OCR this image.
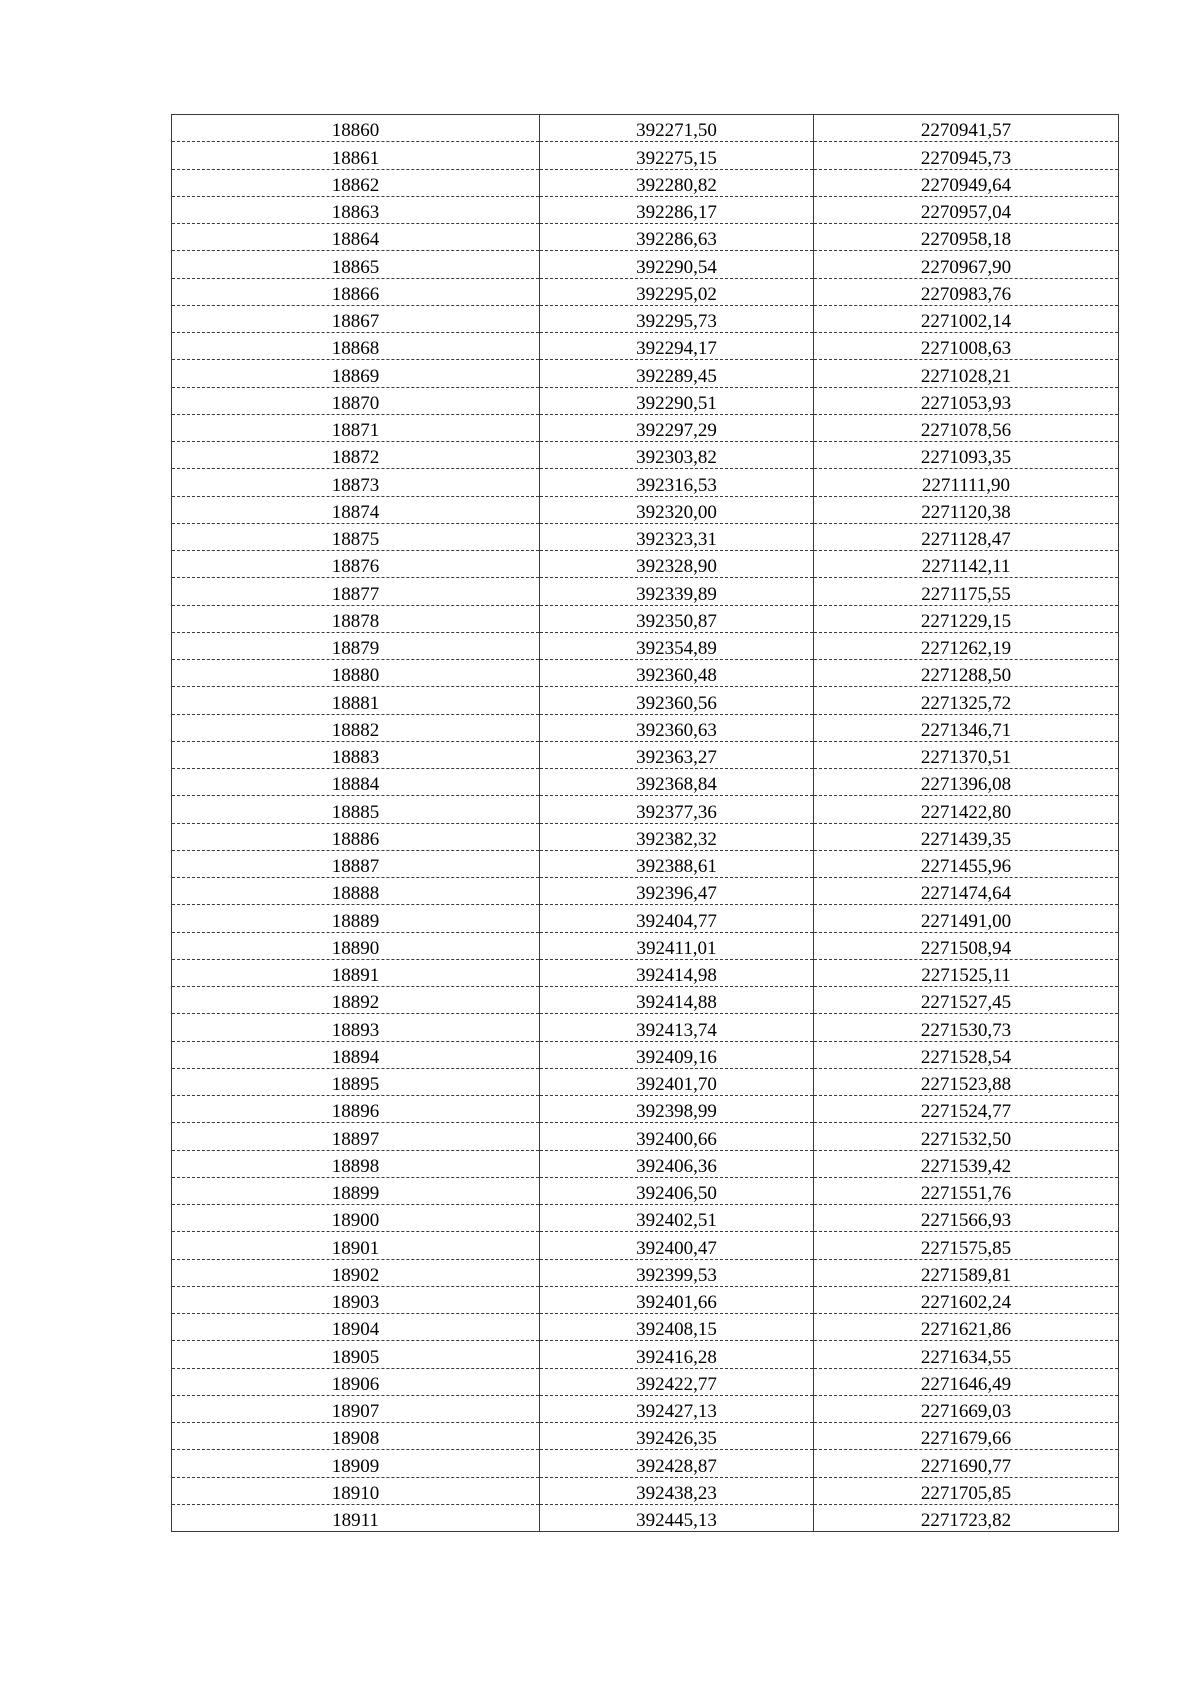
18860	392271,50	2270941,57
18861	392275,15	2270945,73
18862	392280,82	2270949,64
18863	392286,17	2270957,04
18864	392286,63	2270958,18
18865	392290,54	2270967,90
18866	392295,02	2270983,76
18867	392295,73	2271002,14
18868	392294,17	2271008,63
18869	392289,45	2271028,21
18870	392290,51	2271053,93
18871	392297,29	2271078,56
18872	392303,82	2271093,35
18873	392316,53	2271111,90
18874	392320,00	2271120,38
18875	392323,31	2271128,47
18876	392328,90	2271142,11
18877	392339,89	2271175,55
18878	392350,87	2271229,15
18879	392354,89	2271262,19
18880	392360,48	2271288,50
18881	392360,56	2271325,72
18882	392360,63	2271346,71
18883	392363,27	2271370,51
18884	392368,84	2271396,08
18885	392377,36	2271422,80
18886	392382,32	2271439,35
18887	392388,61	2271455,96
18888	392396,47	2271474,64
18889	392404,77	2271491,00
18890	392411,01	2271508,94
18891	392414,98	2271525,11
18892	392414,88	2271527,45
18893	392413,74	2271530,73
18894	392409,16	2271528,54
18895	392401,70	2271523,88
18896	392398,99	2271524,77
18897	392400,66	2271532,50
18898	392406,36	2271539,42
18899	392406,50	2271551,76
18900	392402,51	2271566,93
18901	392400,47	2271575,85
18902	392399,53	2271589,81
18903	392401,66	2271602,24
18904	392408,15	2271621,86
18905	392416,28	2271634,55
18906	392422,77	2271646,49
18907	392427,13	2271669,03
18908	392426,35	2271679,66
18909	392428,87	2271690,77
18910	392438,23	2271705,85
18911	392445,13	2271723,82
